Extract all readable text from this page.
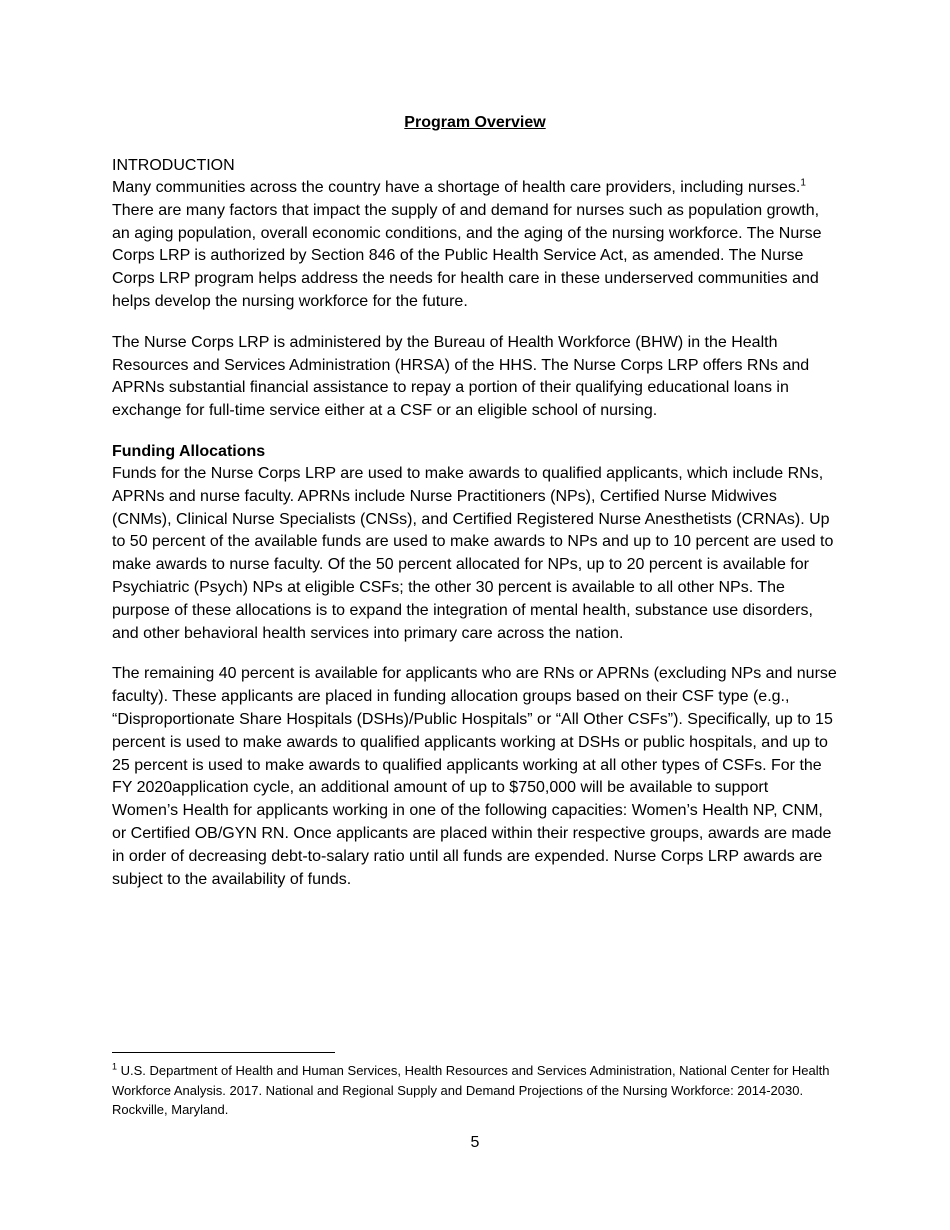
Program Overview
INTRODUCTION

Many communities across the country have a shortage of health care providers, including nurses.$^1$ There are many factors that impact the supply of and demand for nurses such as population growth, an aging population, overall economic conditions, and the aging of the nursing workforce. The Nurse Corps LRP is authorized by Section 846 of the Public Health Service Act, as amended. The Nurse Corps LRP program helps address the needs for health care in these underserved communities and helps develop the nursing workforce for the future.

The Nurse Corps LRP is administered by the Bureau of Health Workforce (BHW) in the Health Resources and Services Administration (HRSA) of the HHS. The Nurse Corps LRP offers RNs and APRNs substantial financial assistance to repay a portion of their qualifying educational loans in exchange for full-time service either at a CSF or an eligible school of nursing.

Funding Allocations

Funds for the Nurse Corps LRP are used to make awards to qualified applicants, which include RNs, APRNs and nurse faculty. APRNs include Nurse Practitioners (NPs), Certified Nurse Midwives (CNMs), Clinical Nurse Specialists (CNSs), and Certified Registered Nurse Anesthetists (CRNAs). Up to 50 percent of the available funds are used to make awards to NPs and up to 10 percent are used to make awards to nurse faculty. Of the 50 percent allocated for NPs, up to 20 percent is available for Psychiatric (Psych) NPs at eligible CSFs; the other 30 percent is available to all other NPs. The purpose of these allocations is to expand the integration of mental health, substance use disorders, and other behavioral health services into primary care across the nation.

The remaining 40 percent is available for applicants who are RNs or APRNs (excluding NPs and nurse faculty). These applicants are placed in funding allocation groups based on their CSF type (e.g., “Disproportionate Share Hospitals (DSHs)/Public Hospitals” or “All Other CSFs”). Specifically, up to 15 percent is used to make awards to qualified applicants working at DSHs or public hospitals, and up to 25 percent is used to make awards to qualified applicants working at all other types of CSFs. For the FY 2020application cycle, an additional amount of up to $750,000 will be available to support Women’s Health for applicants working in one of the following capacities: Women’s Health NP, CNM, or Certified OB/GYN RN. Once applicants are placed within their respective groups, awards are made in order of decreasing debt-to-salary ratio until all funds are expended. Nurse Corps LRP awards are subject to the availability of funds.

$^1$ U.S. Department of Health and Human Services, Health Resources and Services Administration, National Center for Health Workforce Analysis. 2017. National and Regional Supply and Demand Projections of the Nursing Workforce: 2014-2030. Rockville, Maryland.
5
